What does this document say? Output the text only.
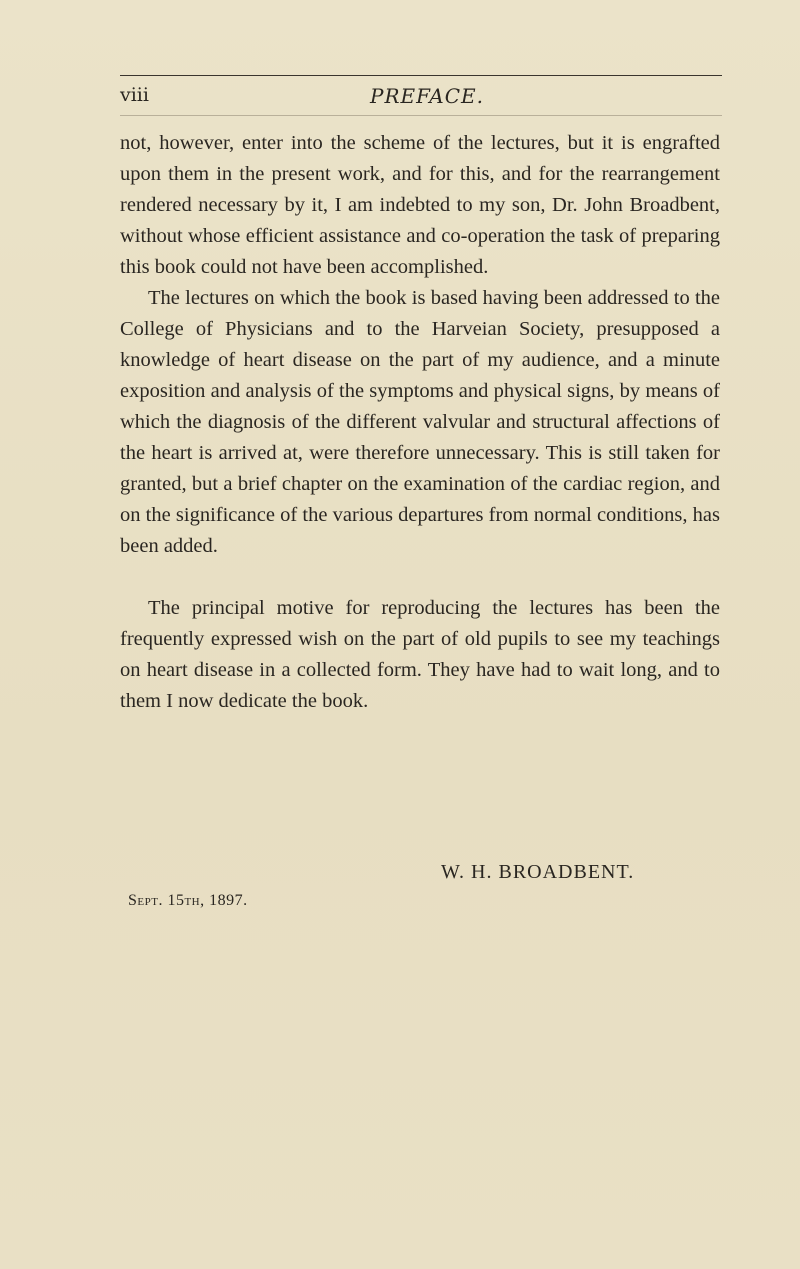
viii	PREFACE.

not, however, enter into the scheme of the lectures, but it is engrafted upon them in the present work, and for this, and for the rearrangement rendered necessary by it, I am indebted to my son, Dr. John Broadbent, without whose efficient assistance and co-operation the task of preparing this book could not have been accomplished.

The lectures on which the book is based having been addressed to the College of Physicians and to the Harveian Society, presupposed a knowledge of heart disease on the part of my audience, and a minute exposition and analysis of the symptoms and physical signs, by means of which the diagnosis of the different valvular and structural affections of the heart is arrived at, were therefore unnecessary. This is still taken for granted, but a brief chapter on the examination of the cardiac region, and on the significance of the various departures from normal conditions, has been added.

The principal motive for reproducing the lectures has been the frequently expressed wish on the part of old pupils to see my teachings on heart disease in a collected form. They have had to wait long, and to them I now dedicate the book.

W. H. BROADBENT.
Sept. 15th, 1897.
